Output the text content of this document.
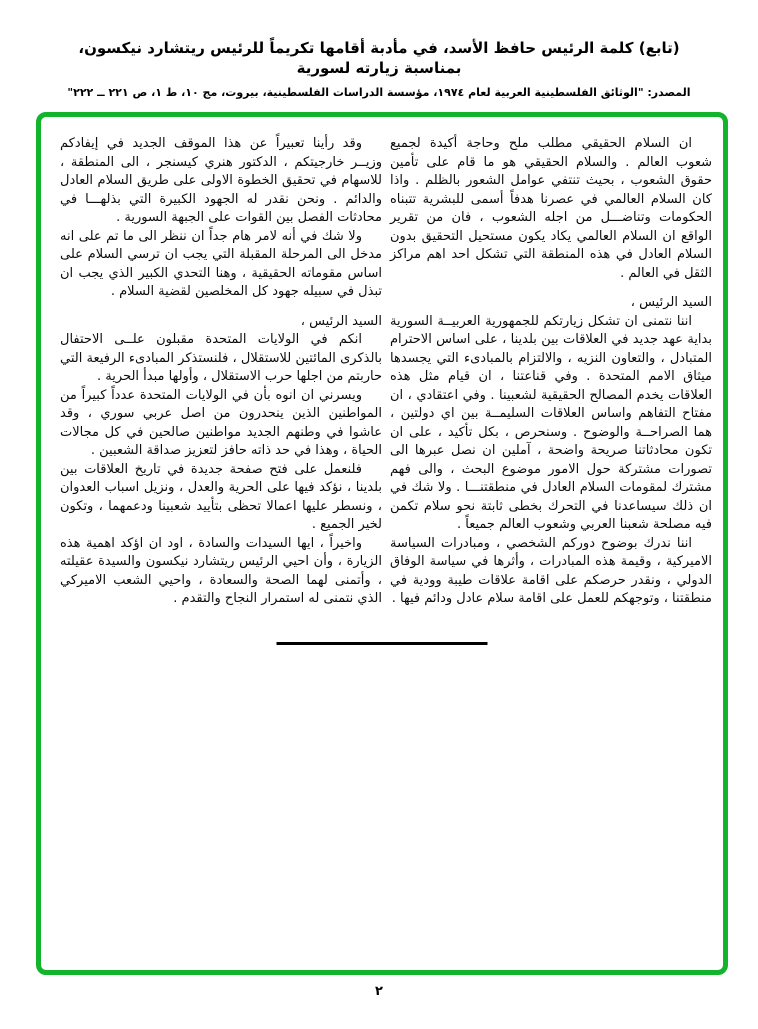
(تابع) كلمة الرئيس حافظ الأسد، في مأدبة أقامها تكريماً للرئيس ريتشارد نيكسون، بمناسبة زيارته لسورية
المصدر: "الوثائق الفلسطينية العربية لعام ١٩٧٤، مؤسسة الدراسات الفلسطينية، بيروت، مج ١٠، ط ١، ص ٢٢١ ــ ٢٢٢"

ان السلام الحقيقي مطلب ملح وحاجة أكيدة لجميع شعوب العالم . والسلام الحقيقي هو ما قام على تأمين حقوق الشعوب ، بحيث تنتفي عوامل الشعور بالظلم . واذا كان السلام العالمي في عصرنا هدفاً أسمى للبشرية تتبناه الحكومات وتناضـــل من اجله الشعوب ، فان من تقرير الواقع ان السلام العالمي يكاد يكون مستحيل التحقيق بدون السلام العادل في هذه المنطقة التي تشكل احد اهم مراكز الثقل في العالم .

السيد الرئيس ،

اننا نتمنى ان تشكل زيارتكم للجمهورية العربيــة السورية بداية عهد جديد في العلاقات بين بلدينا ، على اساس الاحترام المتبادل ، والتعاون النزيه ، والالتزام بالمبادىء التي يجسدها ميثاق الامم المتحدة . وفي قناعتنا ، ان قيام مثل هذه العلاقات يخدم المصالح الحقيقية لشعبينا . وفي اعتقادي ، ان مفتاح التفاهم واساس العلاقات السليمــة بين اي دولتين ، هما الصراحــة والوضوح . وسنحرص ، بكل تأكيد ، على ان تكون محادثاتنا صريحة واضحة ، آملين ان نصل عبرها الى تصورات مشتركة حول الامور موضوع البحث ، والى فهم مشترك لمقومات السلام العادل في منطقتنـــا . ولا شك في ان ذلك سيساعدنا في التحرك بخطى ثابتة نحو سلام تكمن فيه مصلحة شعبنا العربي وشعوب العالم جميعاً .

اننا ندرك بوضوح دوركم الشخصي ، ومبادرات السياسة الاميركية ، وقيمة هذه المبادرات ، وأثرها في سياسة الوفاق الدولي ، ونقدر حرصكم على اقامة علاقات طيبة وودية في منطقتنا ، وتوجهكم للعمل على اقامة سلام عادل ودائم فيها .

وقد رأينا تعبيراً عن هذا الموقف الجديد في إيفادكم وزيــر خارجيتكم ، الدكتور هنري كيسنجر ، الى المنطقة ، للاسهام في تحقيق الخطوة الاولى على طريق السلام العادل والدائم . ونحن نقدر له الجهود الكبيرة التي بذلهـــا في محادثات الفصل بين القوات على الجبهة السورية .

ولا شك في أنه لامر هام جداً ان ننظر الى ما تم على انه مدخل الى المرحلة المقبلة التي يجب ان ترسي السلام على اساس مقوماته الحقيقية ، وهنا التحدي الكبير الذي يجب ان تبذل في سبيله جهود كل المخلصين لقضية السلام .

السيد الرئيس ،

انكم في الولايات المتحدة مقبلون علــى الاحتفال بالذكرى المائتين للاستقلال ، فلنستذكر المبادىء الرفيعة التي حاربتم من اجلها حرب الاستقلال ، وأولها مبدأ الحرية .

ويسرني ان انوه بأن في الولايات المتحدة عدداً كبيراً من المواطنين الذين ينحدرون من اصل عربي سوري ، وقد عاشوا في وطنهم الجديد مواطنين صالحين في كل مجالات الحياة ، وهذا في حد ذاته حافز لتعزيز صداقة الشعبين .

فلنعمل على فتح صفحة جديدة في تاريخ العلاقات بين بلدينا ، نؤكد فيها على الحرية والعدل ، ونزيل اسباب العدوان ، ونسطر عليها اعمالا تحظى بتأييد شعبينا ودعمهما ، وتكون لخير الجميع .

واخيراً ، ايها السيدات والسادة ، اود ان اؤكد اهمية هذه الزيارة ، وأن احيي الرئيس ريتشارد نيكسون والسيدة عقيلته ، وأتمنى لهما الصحة والسعادة ، واحيي الشعب الاميركي الذي نتمنى له استمرار النجاح والتقدم .

٢
